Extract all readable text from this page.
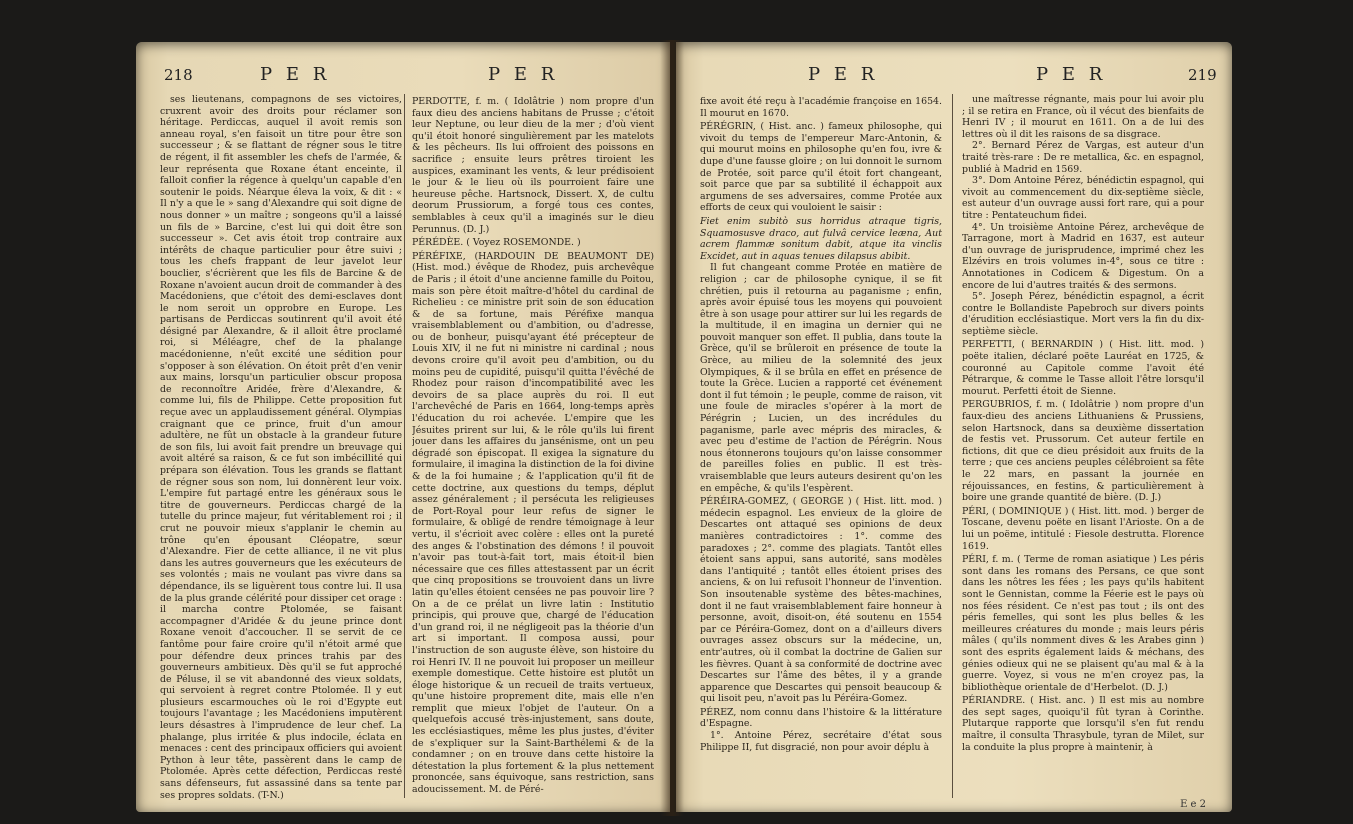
218	P E R	P E R

ses lieutenans, compagnons de ses victoires, cruxrent avoir des droits pour réclamer son héritage. Perdiccas, auquel il avoit remis son anneau royal, s'en faisoit un titre pour être son successeur ; & se flattant de régner sous le titre de régent, il fit assembler les chefs de l'armée, & leur représenta que Roxane étant enceinte, il falloit confier la régence à quelqu'un capable d'en soutenir le poids. Néarque éleva la voix, & dit : « Il n'y a que le » sang d'Alexandre qui soit digne de nous donner » un maître ; songeons qu'il a laissé un fils de » Barcine, c'est lui qui doit être son successeur ». Cet avis étoit trop contraire aux intérêts de chaque particulier pour être suivi ; tous les chefs frappant de leur javelot leur bouclier, s'écrièrent que les fils de Barcine & de Roxane n'avoient aucun droit de commander à des Macédoniens, que c'étoit des demi-esclaves dont le nom seroit un opprobre en Europe. Les partisans de Perdiccas soutinrent qu'il avoit été désigné par Alexandre, & il alloit être proclamé roi, si Méléagre, chef de la phalange macédonienne, n'eût excité une sédition pour s'opposer à son élévation. On étoit prêt d'en venir aux mains, lorsqu'un particulier obscur proposa de reconnoître Aridée, frère d'Alexandre, & comme lui, fils de Philippe. Cette proposition fut reçue avec un applaudissement général. Olympias craignant que ce prince, fruit d'un amour adultère, ne fût un obstacle à la grandeur future de son fils, lui avoit fait prendre un breuvage qui avoit altéré sa raison, & ce fut son imbécillité qui prépara son élévation. Tous les grands se flattant de régner sous son nom, lui donnèrent leur voix. L'empire fut partagé entre les généraux sous le titre de gouverneurs. Perdiccas chargé de la tutelle du prince majeur, fut véritablement roi ; il crut ne pouvoir mieux s'applanir le chemin au trône qu'en épousant Cléopatre, sœur d'Alexandre. Fier de cette alliance, il ne vit plus dans les autres gouverneurs que les exécuteurs de ses volontés ; mais ne voulant pas vivre dans sa dépendance, ils se liguèrent tous contre lui. Il usa de la plus grande célérité pour dissiper cet orage : il marcha contre Ptolomée, se faisant accompagner d'Aridée & du jeune prince dont Roxane venoit d'accoucher. Il se servit de ce fantôme pour faire croire qu'il n'étoit armé que pour défendre deux princes trahis par des gouverneurs ambitieux. Dès qu'il se fut approché de Péluse, il se vit abandonné des vieux soldats, qui servoient à regret contre Ptolomée. Il y eut plusieurs escarmouches où le roi d'Egypte eut toujours l'avantage ; les Macédoniens imputèrent leurs désastres à l'imprudence de leur chef. La phalange, plus irritée & plus indocile, éclata en menaces : cent des principaux officiers qui avoient Python à leur tête, passèrent dans le camp de Ptolomée. Après cette défection, Perdiccas resté sans défenseurs, fut assassiné dans sa tente par ses propres soldats. (T-N.)

PERDOTTE, f. m. ( Idolâtrie ) nom propre d'un faux dieu des anciens habitans de Prusse ; c'étoit leur Neptune, ou leur dieu de la mer ; d'où vient qu'il étoit honoré singulièrement par les matelots & les pêcheurs. Ils lui offroient des poissons en sacrifice ; ensuite leurs prêtres tiroient les auspices, examinant les vents, & leur prédisoient le jour & le lieu où ils pourroient faire une heureuse pêche. Hartsnock, Dissert. X, de cultu deorum Prussiorum, a forgé tous ces contes, semblables à ceux qu'il a imaginés sur le dieu Perunnus. (D. J.)

PÉRÉDÈE. ( Voyez ROSEMONDE. )

PÉRÉFIXE, (HARDOUIN DE BEAUMONT DE) (Hist. mod.) évêque de Rhodez, puis archevêque de Paris ; il étoit d'une ancienne famille du Poitou, mais son père étoit maître-d'hôtel du cardinal de Richelieu : ce ministre prit soin de son éducation & de sa fortune, mais Péréfixe manqua vraisemblablement ou d'ambition, ou d'adresse, ou de bonheur, puisqu'ayant été précepteur de Louis XIV, il ne fut ni ministre ni cardinal ; nous devons croire qu'il avoit peu d'ambition, ou du moins peu de cupidité, puisqu'il quitta l'évêché de Rhodez pour raison d'incompatibilité avec les devoirs de sa place auprès du roi. Il eut l'archevêché de Paris en 1664, long-temps après l'éducation du roi achevée. L'empire que les Jésuites prirent sur lui, & le rôle qu'ils lui firent jouer dans les affaires du jansénisme, ont un peu dégradé son épiscopat. Il exigea la signature du formulaire, il imagina la distinction de la foi divine & de la foi humaine ; & l'application qu'il fit de cette doctrine, aux questions du temps, déplut assez généralement ; il persécuta les religieuses de Port-Royal pour leur refus de signer le formulaire, & obligé de rendre témoignage à leur vertu, il s'écrioit avec colère : elles ont la pureté des anges & l'obstination des démons ! il pouvoit n'avoir pas tout-à-fait tort, mais étoit-il bien nécessaire que ces filles attestassent par un écrit que cinq propositions se trouvoient dans un livre latin qu'elles étoient censées ne pas pouvoir lire ? On a de ce prélat un livre latin : Institutio principis, qui prouve que, chargé de l'éducation d'un grand roi, il ne négligeoit pas la théorie d'un art si important. Il composa aussi, pour l'instruction de son auguste élève, son histoire du roi Henri IV. Il ne pouvoit lui proposer un meilleur exemple domestique. Cette histoire est plutôt un éloge historique & un recueil de traits vertueux, qu'une histoire proprement dite, mais elle n'en remplit que mieux l'objet de l'auteur. On a quelquefois accusé très-injustement, sans doute, les ecclésiastiques, même les plus justes, d'éviter de s'expliquer sur la Saint-Barthélemi & de la condamner ; on en trouve dans cette histoire la détestation la plus fortement & la plus nettement prononcée, sans équivoque, sans restriction, sans adoucissement. M. de Péré-

P E R	P E R	219

fixe avoit été reçu à l'académie françoise en 1654. Il mourut en 1670.

PÉRÉGRIN, ( Hist. anc. ) fameux philosophe, qui vivoit du temps de l'empereur Marc-Antonin, & qui mourut moins en philosophe qu'en fou, ivre & dupe d'une fausse gloire ; on lui donnoit le surnom de Protée, soit parce qu'il étoit fort changeant, soit parce que par sa subtilité il échappoit aux argumens de ses adversaires, comme Protée aux efforts de ceux qui vouloient le saisir :

Fiet enim subitò sus horridus atraque tigris, Squamosusve draco, aut fulvâ cervice leæna, Aut acrem flammæ sonitum dabit, atque ita vinclis Excidet, aut in aquas tenues dilapsus abibit.

Il fut changeant comme Protée en matière de religion ; car de philosophe cynique, il se fit chrétien, puis il retourna au paganisme ; enfin, après avoir épuisé tous les moyens qui pouvoient être à son usage pour attirer sur lui les regards de la multitude, il en imagina un dernier qui ne pouvoit manquer son effet. Il publia, dans toute la Grèce, qu'il se brûleroit en présence de toute la Grèce, au milieu de la solemnité des jeux Olympiques, & il se brûla en effet en présence de toute la Grèce. Lucien a rapporté cet événement dont il fut témoin ; le peuple, comme de raison, vit une foule de miracles s'opérer à la mort de Pérégrin ; Lucien, un des incrédules du paganisme, parle avec mépris des miracles, & avec peu d'estime de l'action de Pérégrin. Nous nous étonnerons toujours qu'on laisse consommer de pareilles folies en public. Il est très-vraisemblable que leurs auteurs desirent qu'on les en empêche, & qu'ils l'espèrent.

PÉRÉIRA-GOMEZ, ( GEORGE ) ( Hist. litt. mod. ) médecin espagnol. Les envieux de la gloire de Descartes ont attaqué ses opinions de deux manières contradictoires : 1°. comme des paradoxes ; 2°. comme des plagiats. Tantôt elles étoient sans appui, sans autorité, sans modèles dans l'antiquité ; tantôt elles étoient prises des anciens, & on lui refusoit l'honneur de l'invention. Son insoutenable système des bêtes-machines, dont il ne faut vraisemblablement faire honneur à personne, avoit, disoit-on, été soutenu en 1554 par ce Péréira-Gomez, dont on a d'ailleurs divers ouvrages assez obscurs sur la médecine, un, entr'autres, où il combat la doctrine de Galien sur les fièvres. Quant à sa conformité de doctrine avec Descartes sur l'âme des bêtes, il y a grande apparence que Descartes qui pensoit beaucoup & qui lisoit peu, n'avoit pas lu Péréira-Gomez.

PÉREZ, nom connu dans l'histoire & la littérature d'Espagne.

1°. Antoine Pérez, secrétaire d'état sous Philippe II, fut disgracié, non pour avoir déplu à

une maîtresse régnante, mais pour lui avoir plu ; il se retira en France, où il vécut des bienfaits de Henri IV ; il mourut en 1611. On a de lui des lettres où il dit les raisons de sa disgrace.

2°. Bernard Pérez de Vargas, est auteur d'un traité très-rare : De re metallica, &c. en espagnol, publié à Madrid en 1569.

3°. Dom Antoine Pérez, bénédictin espagnol, qui vivoit au commencement du dix-septième siècle, est auteur d'un ouvrage aussi fort rare, qui a pour titre : Pentateuchum fidei.

4°. Un troisième Antoine Pérez, archevêque de Tarragone, mort à Madrid en 1637, est auteur d'un ouvrage de jurisprudence, imprimé chez les Elzévirs en trois volumes in-4°, sous ce titre : Annotationes in Codicem & Digestum. On a encore de lui d'autres traités & des sermons.

5°. Joseph Pérez, bénédictin espagnol, a écrit contre le Bollandiste Papebroch sur divers points d'érudition ecclésiastique. Mort vers la fin du dix-septième siècle.

PERFETTI, ( BERNARDIN ) ( Hist. litt. mod. ) poëte italien, déclaré poëte Lauréat en 1725, & couronné au Capitole comme l'avoit été Pétrarque, & comme le Tasse alloit l'être lorsqu'il mourut. Perfetti étoit de Sienne.

PERGUBRIOS, f. m. ( Idolâtrie ) nom propre d'un faux-dieu des anciens Lithuaniens & Prussiens, selon Hartsnock, dans sa deuxième dissertation de festis vet. Prussorum. Cet auteur fertile en fictions, dit que ce dieu présidoit aux fruits de la terre ; que ces anciens peuples célébroient sa fête le 22 mars, en passant la journée en réjouissances, en festins, & particulièrement à boire une grande quantité de bière. (D. J.)

PÉRI, ( DOMINIQUE ) ( Hist. litt. mod. ) berger de Toscane, devenu poëte en lisant l'Arioste. On a de lui un poëme, intitulé : Fiesole destrutta. Florence 1619.

PÉRI, f. m. ( Terme de roman asiatique ) Les péris sont dans les romans des Persans, ce que sont dans les nôtres les fées ; les pays qu'ils habitent sont le Gennistan, comme la Féerie est le pays où nos fées résident. Ce n'est pas tout ; ils ont des péris femelles, qui sont les plus belles & les meilleures créatures du monde ; mais leurs péris mâles ( qu'ils nomment dives & les Arabes ginn ) sont des esprits également laids & méchans, des génies odieux qui ne se plaisent qu'au mal & à la guerre. Voyez, si vous ne m'en croyez pas, la bibliothèque orientale de d'Herbelot. (D. J.)

PÉRIANDRE. ( Hist. anc. ) Il est mis au nombre des sept sages, quoiqu'il fût tyran à Corinthe. Plutarque rapporte que lorsqu'il s'en fut rendu maître, il consulta Thrasybule, tyran de Milet, sur la conduite la plus propre à maintenir, à

E e 2
